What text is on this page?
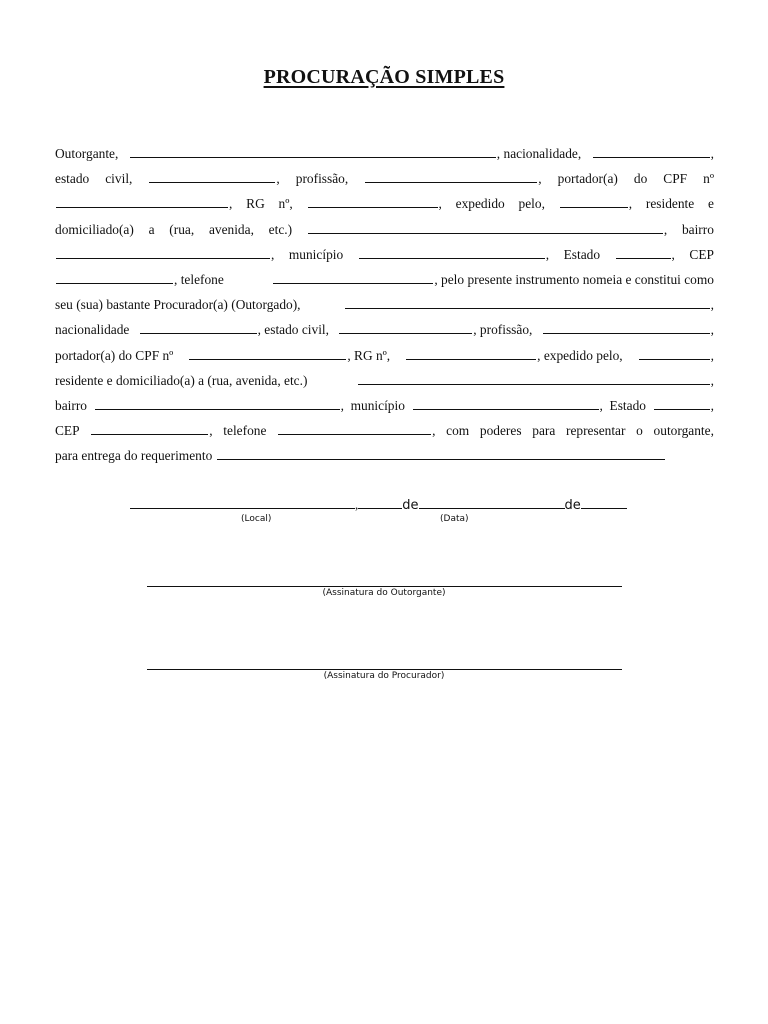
PROCURAÇÃO SIMPLES
Outorgante,	, nacionalidade,	,
estado civil,	, profissão,	, portador(a) do CPF nº
, RG nº,	, expedido pelo,	, residente e
domiciliado(a) a (rua, avenida, etc.)	, bairro
, município	, Estado	, CEP
, telefone	, pelo presente instrumento nomeia e constitui como
seu (sua) bastante Procurador(a) (Outorgado),	,
nacionalidade	, estado civil,	, profissão,	,
portador(a) do CPF nº	, RG nº,	, expedido pelo,	,
residente e domiciliado(a) a (rua, avenida, etc.)	,
bairro	, município	, Estado	,
CEP	, telefone	, com poderes para representar o outorgante,
para entrega do requerimento
,	de	de
(Local)	(Data)
(Assinatura do Outorgante)
(Assinatura do Procurador)
